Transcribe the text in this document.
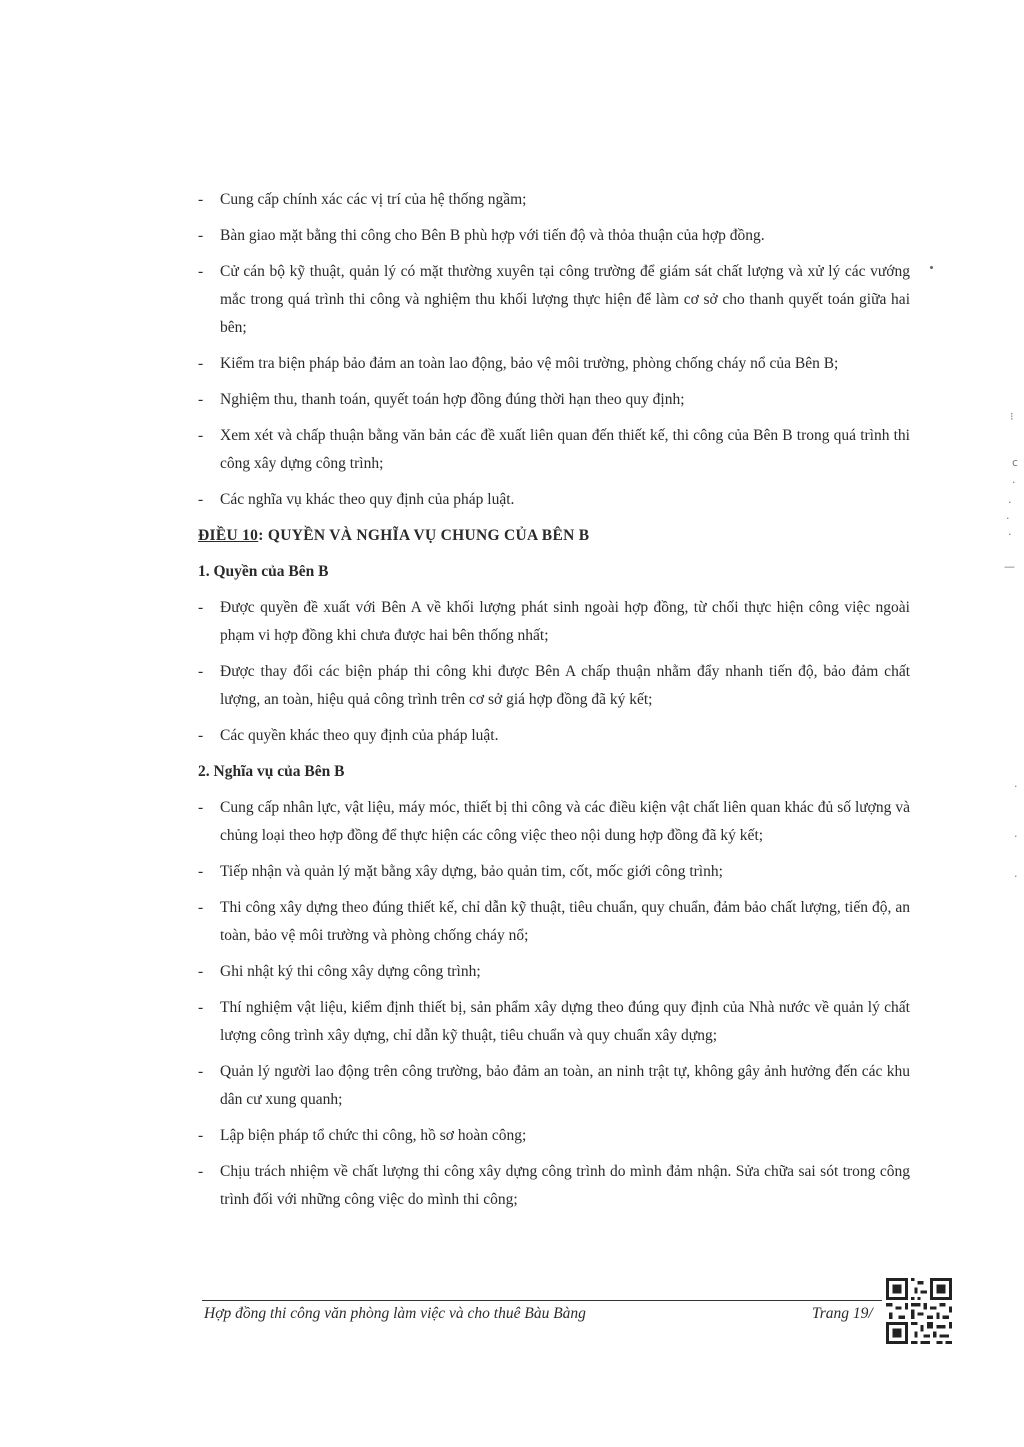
-	Cung cấp chính xác các vị trí của hệ thống ngầm;
-	Bàn giao mặt bằng thi công cho Bên B phù hợp với tiến độ và thỏa thuận của hợp đồng.
-	Cử cán bộ kỹ thuật, quản lý có mặt thường xuyên tại công trường để giám sát chất lượng và xử lý các vướng mắc trong quá trình thi công và nghiệm thu khối lượng thực hiện để làm cơ sở cho thanh quyết toán giữa hai bên;
-	Kiểm tra biện pháp bảo đảm an toàn lao động, bảo vệ môi trường, phòng chống cháy nổ của Bên B;
-	Nghiệm thu, thanh toán, quyết toán hợp đồng đúng thời hạn theo quy định;
-	Xem xét và chấp thuận bằng văn bản các đề xuất liên quan đến thiết kế, thi công của Bên B trong quá trình thi công xây dựng công trình;
-	Các nghĩa vụ khác theo quy định của pháp luật.
ĐIỀU 10: QUYỀN VÀ NGHĨA VỤ CHUNG CỦA BÊN B
1. Quyền của Bên B
-	Được quyền đề xuất với Bên A về khối lượng phát sinh ngoài hợp đồng, từ chối thực hiện công việc ngoài phạm vi hợp đồng khi chưa được hai bên thống nhất;
-	Được thay đổi các biện pháp thi công khi được Bên A chấp thuận nhằm đẩy nhanh tiến độ, bảo đảm chất lượng, an toàn, hiệu quả công trình trên cơ sở giá hợp đồng đã ký kết;
-	Các quyền khác theo quy định của pháp luật.
2. Nghĩa vụ của Bên B
-	Cung cấp nhân lực, vật liệu, máy móc, thiết bị thi công và các điều kiện vật chất liên quan khác đủ số lượng và chủng loại theo hợp đồng để thực hiện các công việc theo nội dung hợp đồng đã ký kết;
-	Tiếp nhận và quản lý mặt bằng xây dựng, bảo quản tim, cốt, mốc giới công trình;
-	Thi công xây dựng theo đúng thiết kế, chỉ dẫn kỹ thuật, tiêu chuẩn, quy chuẩn, đảm bảo chất lượng, tiến độ, an toàn, bảo vệ môi trường và phòng chống cháy nổ;
-	Ghi nhật ký thi công xây dựng công trình;
-	Thí nghiệm vật liệu, kiểm định thiết bị, sản phẩm xây dựng theo đúng quy định của Nhà nước về quản lý chất lượng công trình xây dựng, chỉ dẫn kỹ thuật, tiêu chuẩn và quy chuẩn xây dựng;
-	Quản lý người lao động trên công trường, bảo đảm an toàn, an ninh trật tự, không gây ảnh hưởng đến các khu dân cư xung quanh;
-	Lập biện pháp tổ chức thi công, hồ sơ hoàn công;
-	Chịu trách nhiệm về chất lượng thi công xây dựng công trình do mình đảm nhận. Sửa chữa sai sót trong công trình đối với những công việc do mình thi công;
Hợp đồng thi công văn phòng làm việc và cho thuê Bàu Bàng	Trang 19/
⁝
c
·
·
·
·
—
·
·
·
